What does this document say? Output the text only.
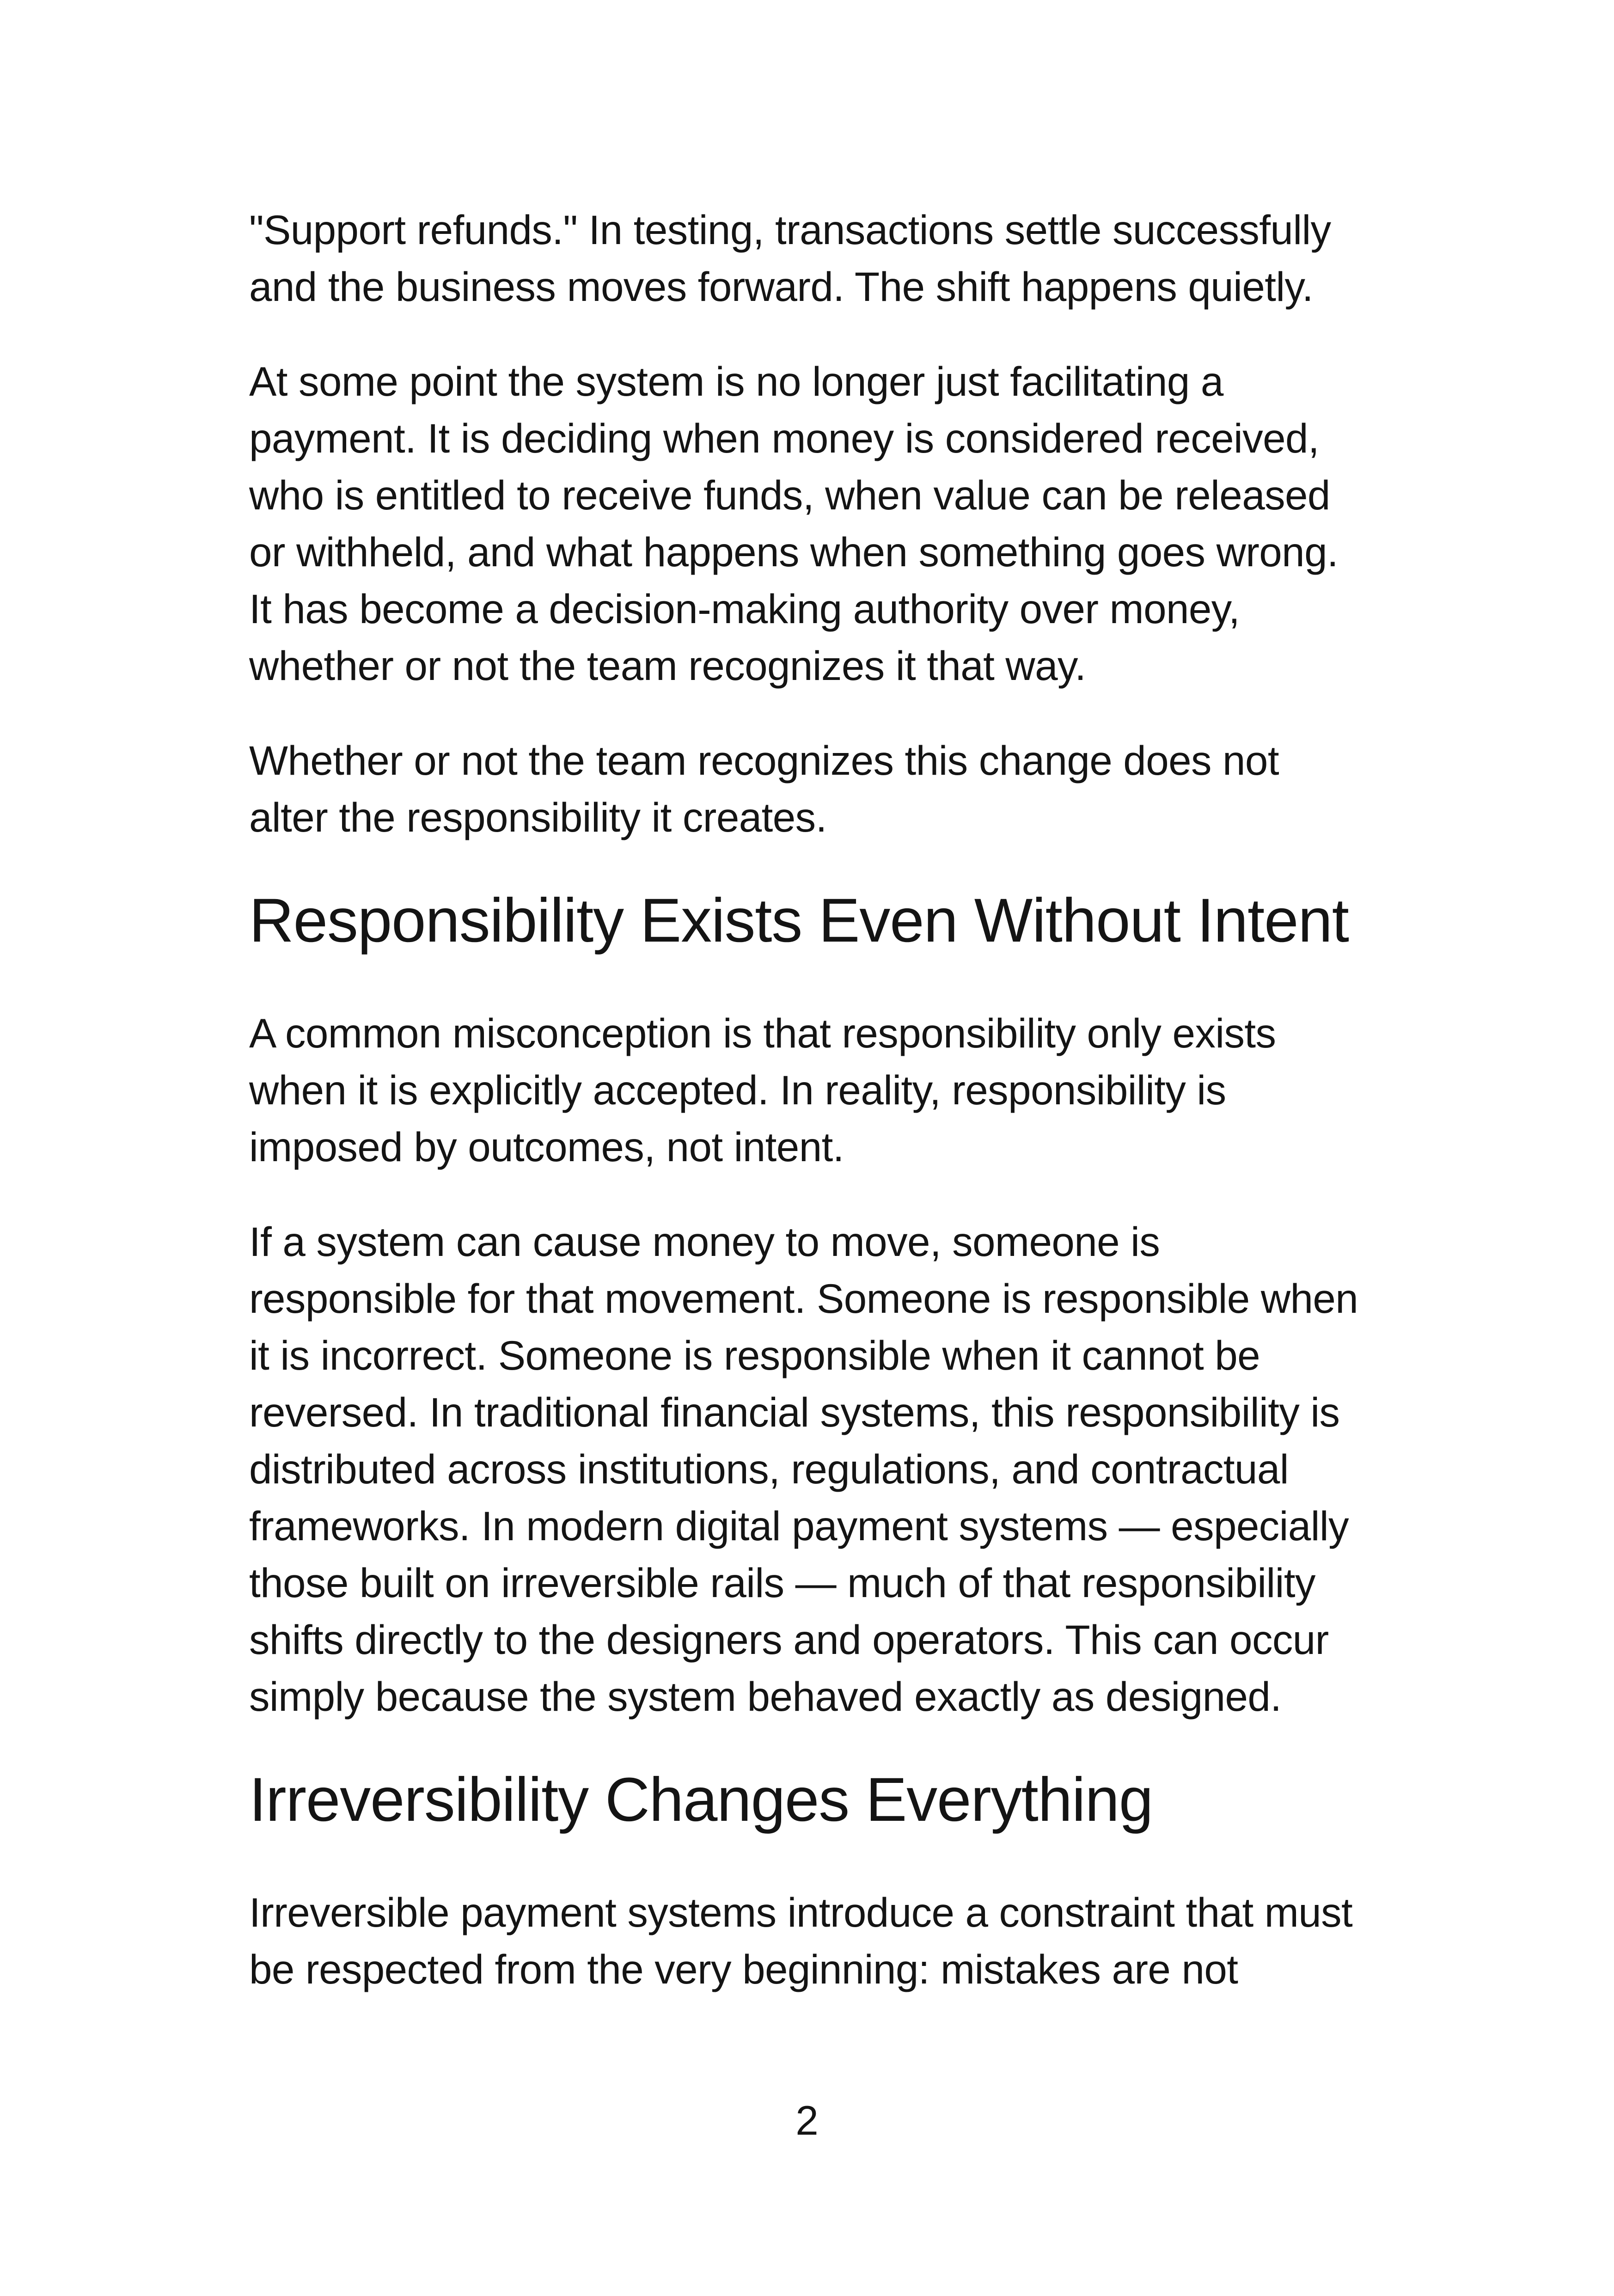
"Support refunds." In testing, transactions settle successfully
and the business moves forward. The shift happens quietly.

At some point the system is no longer just facilitating a
payment. It is deciding when money is considered received,
who is entitled to receive funds, when value can be released
or withheld, and what happens when something goes wrong.
It has become a decision-making authority over money,
whether or not the team recognizes it that way.

Whether or not the team recognizes this change does not
alter the responsibility it creates.

Responsibility Exists Even Without Intent

A common misconception is that responsibility only exists
when it is explicitly accepted. In reality, responsibility is
imposed by outcomes, not intent.

If a system can cause money to move, someone is
responsible for that movement. Someone is responsible when
it is incorrect. Someone is responsible when it cannot be
reversed. In traditional financial systems, this responsibility is
distributed across institutions, regulations, and contractual
frameworks. In modern digital payment systems — especially
those built on irreversible rails — much of that responsibility
shifts directly to the designers and operators. This can occur
simply because the system behaved exactly as designed.

Irreversibility Changes Everything

Irreversible payment systems introduce a constraint that must
be respected from the very beginning: mistakes are not

2
